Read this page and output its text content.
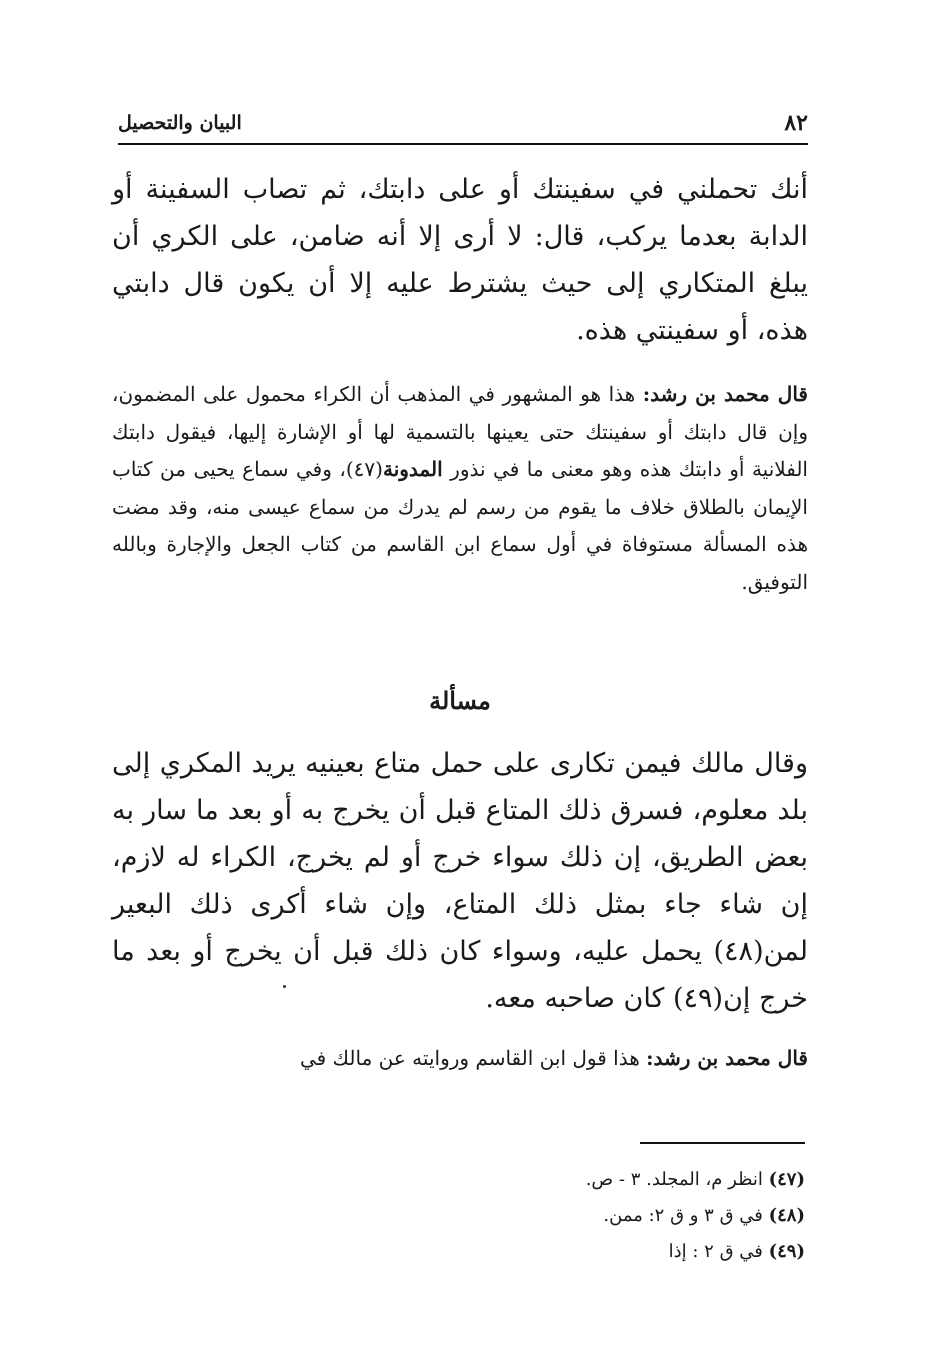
٨٢
البيان والتحصيل
أنك تحملني في سفينتك أو على دابتك، ثم تصاب السفينة أو الدابة بعدما يركب، قال: لا أرى إلا أنه ضامن، على الكري أن يبلغ المتكاري إلى حيث يشترط عليه إلا أن يكون قال دابتي هذه، أو سفينتي هذه.
قال محمد بن رشد: هذا هو المشهور في المذهب أن الكراء محمول على المضمون، وإن قال دابتك أو سفينتك حتى يعينها بالتسمية لها أو الإشارة إليها، فيقول دابتك الفلانية أو دابتك هذه وهو معنى ما في نذور المدونة(٤٧)، وفي سماع يحيى من كتاب الإيمان بالطلاق خلاف ما يقوم من رسم لم يدرك من سماع عيسى منه، وقد مضت هذه المسألة مستوفاة في أول سماع ابن القاسم من كتاب الجعل والإجارة وبالله التوفيق.
مسألة
وقال مالك فيمن تكارى على حمل متاع بعينيه يريد المكري إلى بلد معلوم، فسرق ذلك المتاع قبل أن يخرج به أو بعد ما سار به بعض الطريق، إن ذلك سواء خرج أو لم يخرج، الكراء له لازم، إن شاء جاء بمثل ذلك المتاع، وإن شاء أكرى ذلك البعير لمن(٤٨) يحمل عليه، وسواء كان ذلك قبل أن يخرج أو بعد ما خرج إن(٤٩) كان صاحبه معه.
قال محمد بن رشد: هذا قول ابن القاسم وروايته عن مالك في
(٤٧) انظر م، المجلد. ٣ - ص.
(٤٨) في ق ٣ و ق ٢: ممن.
(٤٩) في ق ٢ : إذا
